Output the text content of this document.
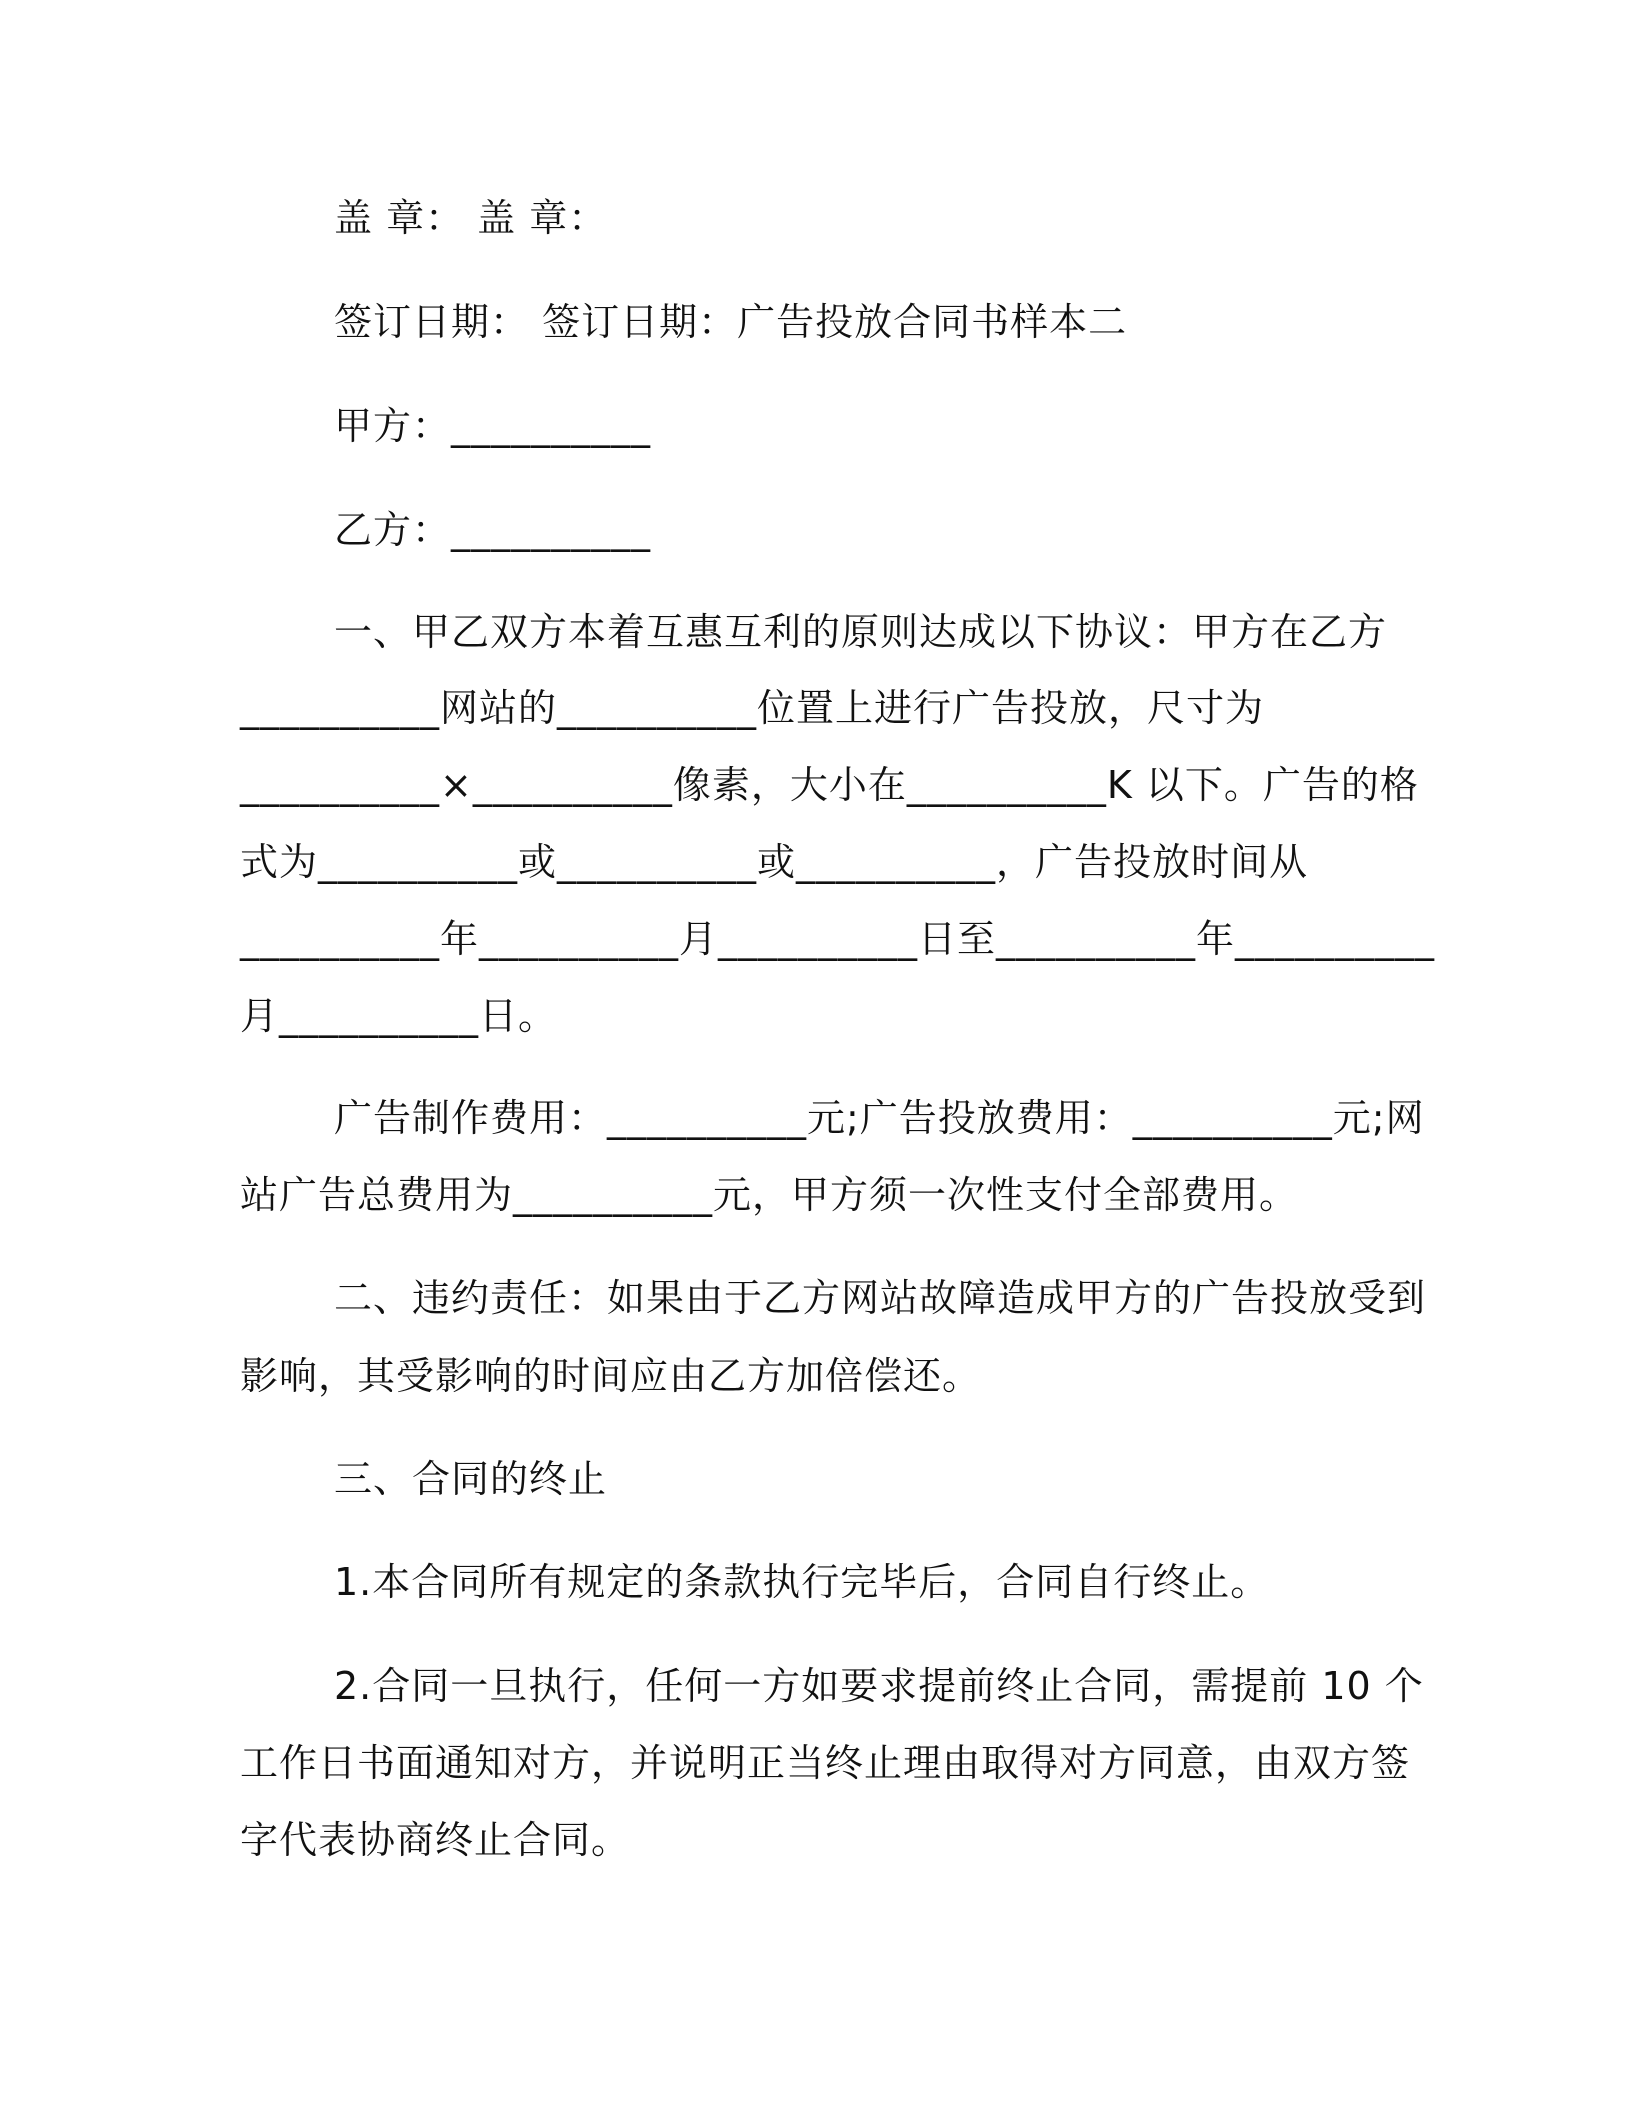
盖 章： 盖 章：
签订日期： 签订日期：广告投放合同书样本二
甲方：__________
乙方：__________
一、甲乙双方本着互惠互利的原则达成以下协议：甲方在乙方
__________网站的__________位置上进行广告投放，尺寸为
__________×__________像素，大小在__________K 以下。广告的格
式为__________或__________或__________，广告投放时间从
__________年__________月__________日至__________年__________
月__________日。
广告制作费用：__________元;广告投放费用：__________元;网
站广告总费用为__________元，甲方须一次性支付全部费用。
二、违约责任：如果由于乙方网站故障造成甲方的广告投放受到
影响，其受影响的时间应由乙方加倍偿还。
三、合同的终止
1.本合同所有规定的条款执行完毕后，合同自行终止。
2.合同一旦执行，任何一方如要求提前终止合同，需提前 10 个
工作日书面通知对方，并说明正当终止理由取得对方同意，由双方签
字代表协商终止合同。
